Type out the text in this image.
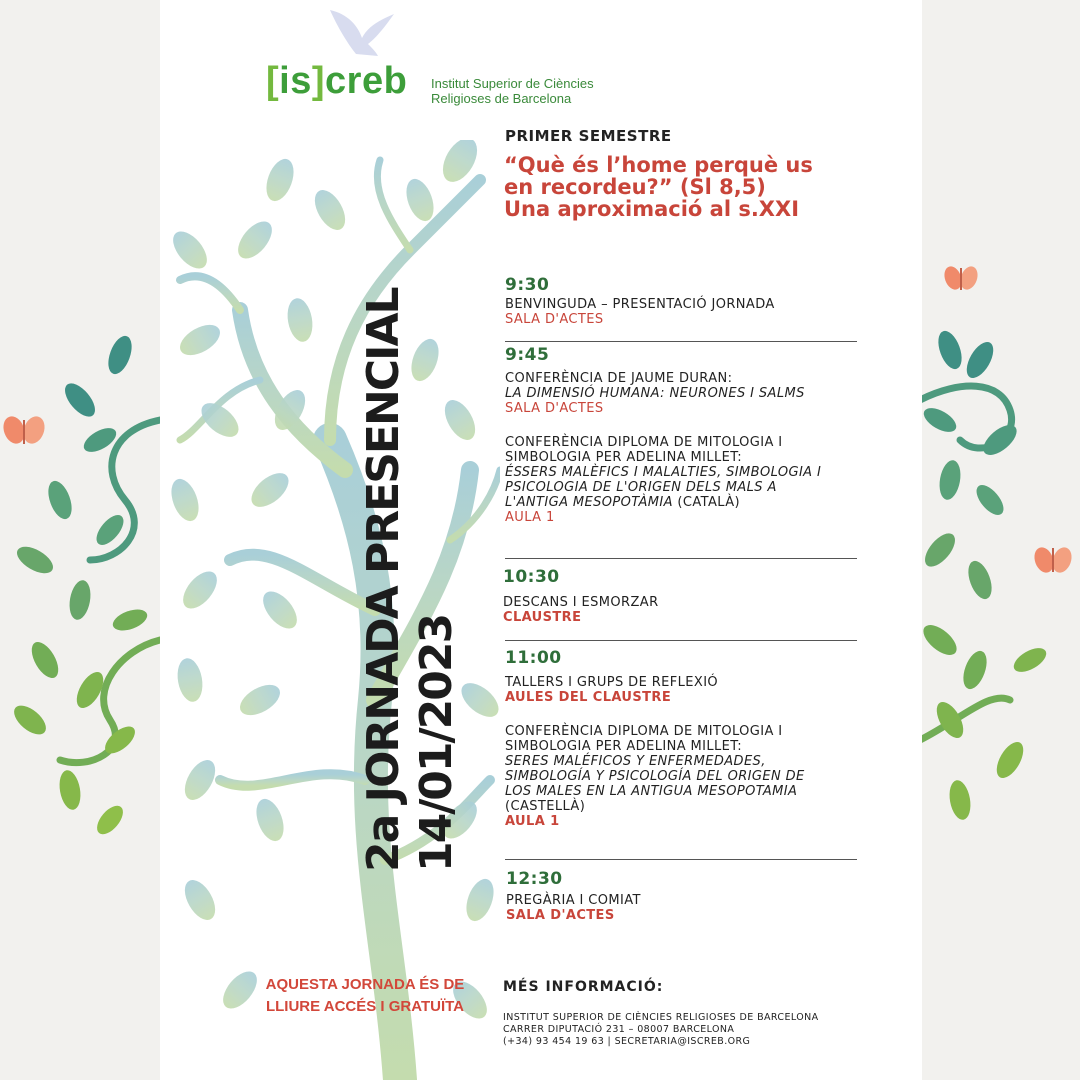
[is]creb Institut Superior de Ciències
Religioses de Barcelona
2a JORNADA PRESENCIAL 14/01/2023
AQUESTA JORNADA ÉS DE
LLIURE ACCÉS I GRATUÏTA
PRIMER SEMESTRE
“Què és l’home perquè us
en recordeu?” (Sl 8,5)
Una aproximació al s.XXI
9:30
BENVINGUDA – PRESENTACIÓ JORNADA
SALA D'ACTES
9:45
CONFERÈNCIA DE JAUME DURAN:
LA DIMENSIÓ HUMANA: NEURONES I SALMS
SALA D'ACTES
CONFERÈNCIA DIPLOMA DE MITOLOGIA I
SIMBOLOGIA PER ADELINA MILLET:
ÉSSERS MALÈFICS I MALALTIES, SIMBOLOGIA I
PSICOLOGIA DE L'ORIGEN DELS MALS A
L'ANTIGA MESOPOTÀMIA (CATALÀ)
AULA 1
10:30
DESCANS I ESMORZAR
CLAUSTRE
11:00
TALLERS I GRUPS DE REFLEXIÓ
AULES DEL CLAUSTRE
CONFERÈNCIA DIPLOMA DE MITOLOGIA I
SIMBOLOGIA PER ADELINA MILLET:
SERES MALÉFICOS Y ENFERMEDADES,
SIMBOLOGÍA Y PSICOLOGÍA DEL ORIGEN DE
LOS MALES EN LA ANTIGUA MESOPOTAMIA
(CASTELLÀ)
AULA 1
12:30
PREGÀRIA I COMIAT
SALA D'ACTES
MÉS INFORMACIÓ:
INSTITUT SUPERIOR DE CIÈNCIES RELIGIOSES DE BARCELONA
CARRER DIPUTACIÓ 231 – 08007 BARCELONA
(+34) 93 454 19 63 | SECRETARIA@ISCREB.ORG
